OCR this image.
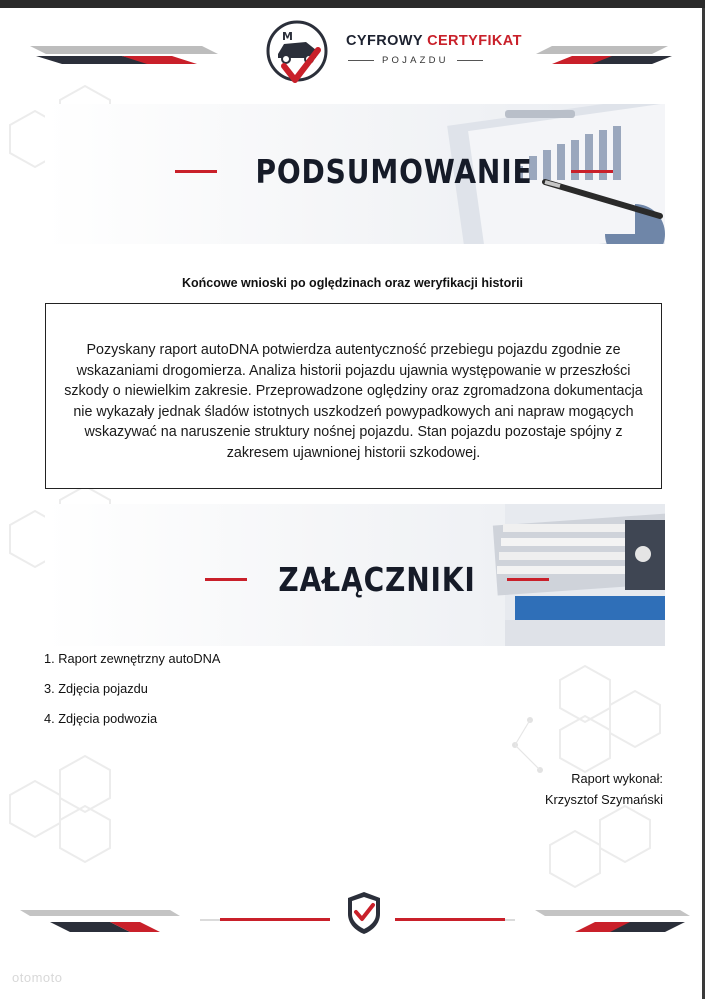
M	CYFROWY CERTYFIKAT
POJAZDU
PODSUMOWANIE
Końcowe wnioski po oględzinach oraz weryfikacji historii

Pozyskany raport autoDNA potwierdza autentyczność przebiegu pojazdu zgodnie ze wskazaniami drogomierza. Analiza historii pojazdu ujawnia występowanie w przeszłości szkody o niewielkim zakresie. Przeprowadzone oględziny oraz zgromadzona dokumentacja nie wykazały jednak śladów istotnych uszkodzeń powypadkowych ani napraw mogących wskazywać na naruszenie struktury nośnej pojazdu. Stan pojazdu pozostaje spójny z zakresem ujawnionej historii szkodowej.

ZAŁĄCZNIKI
1. Raport zewnętrzny autoDNA
3. Zdjęcia pojazdu
4. Zdjęcia podwozia
Raport wykonał:
Krzysztof Szymański
otomoto
